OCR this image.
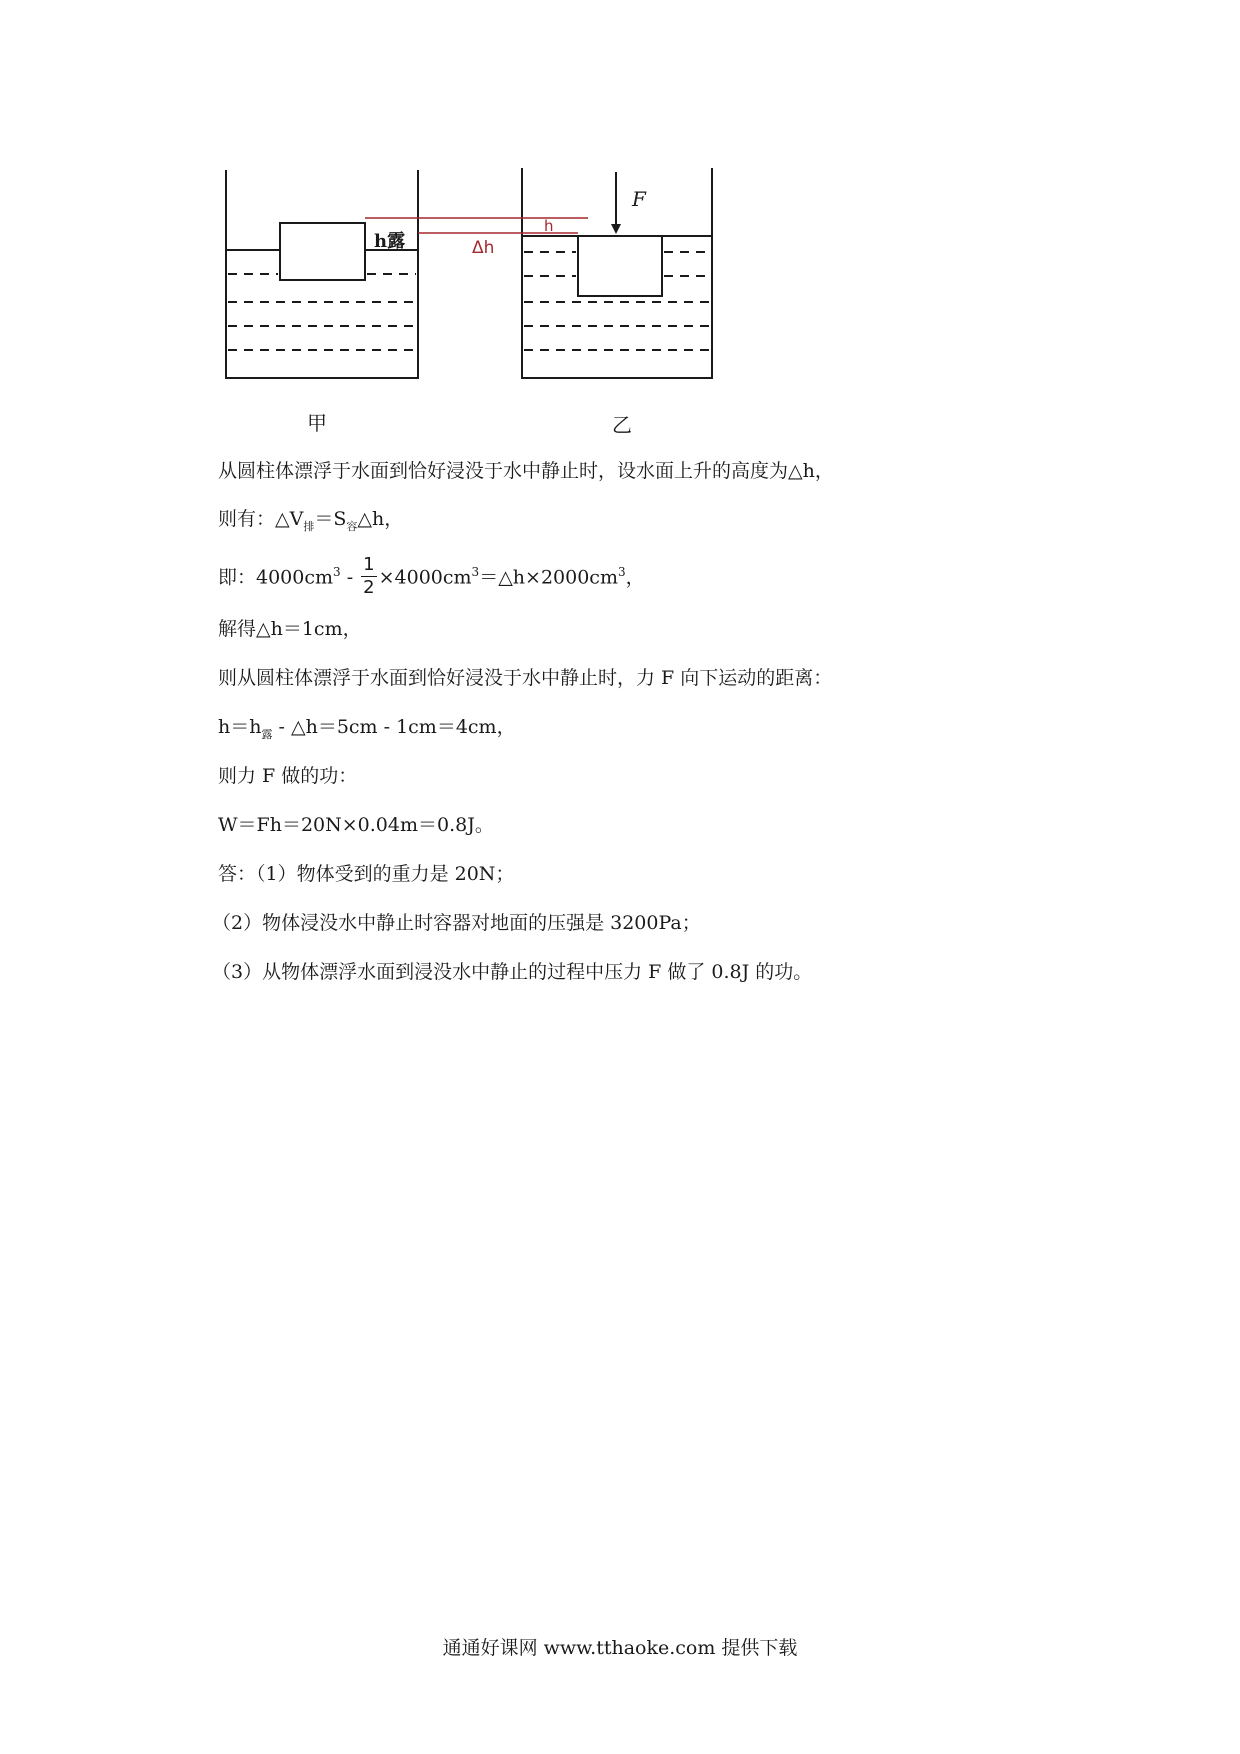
h露
F
Δh
h
甲	乙
从圆柱体漂浮于水面到恰好浸没于水中静止时，设水面上升的高度为△h，
则有：$\triangle V_排=S_容\triangle h$，
即：$4000cm^3 - \frac{1}{2}$ $\times 4000cm^3=\triangle h\times 2000cm^3$，
解得△h＝1cm，
则从圆柱体漂浮于水面到恰好浸没于水中静止时，力 F 向下运动的距离：
$h=h_露$ - △h＝5cm - 1cm＝4cm，
则力 F 做的功：
W＝Fh＝20N×0.04m＝0.8J。
答：（1）物体受到的重力是 20N；
（2）物体浸没水中静止时容器对地面的压强是 3200Pa；
（3）从物体漂浮水面到浸没水中静止的过程中压力 F 做了 0.8J 的功。
通通好课网 www.tthaoke.com 提供下载
